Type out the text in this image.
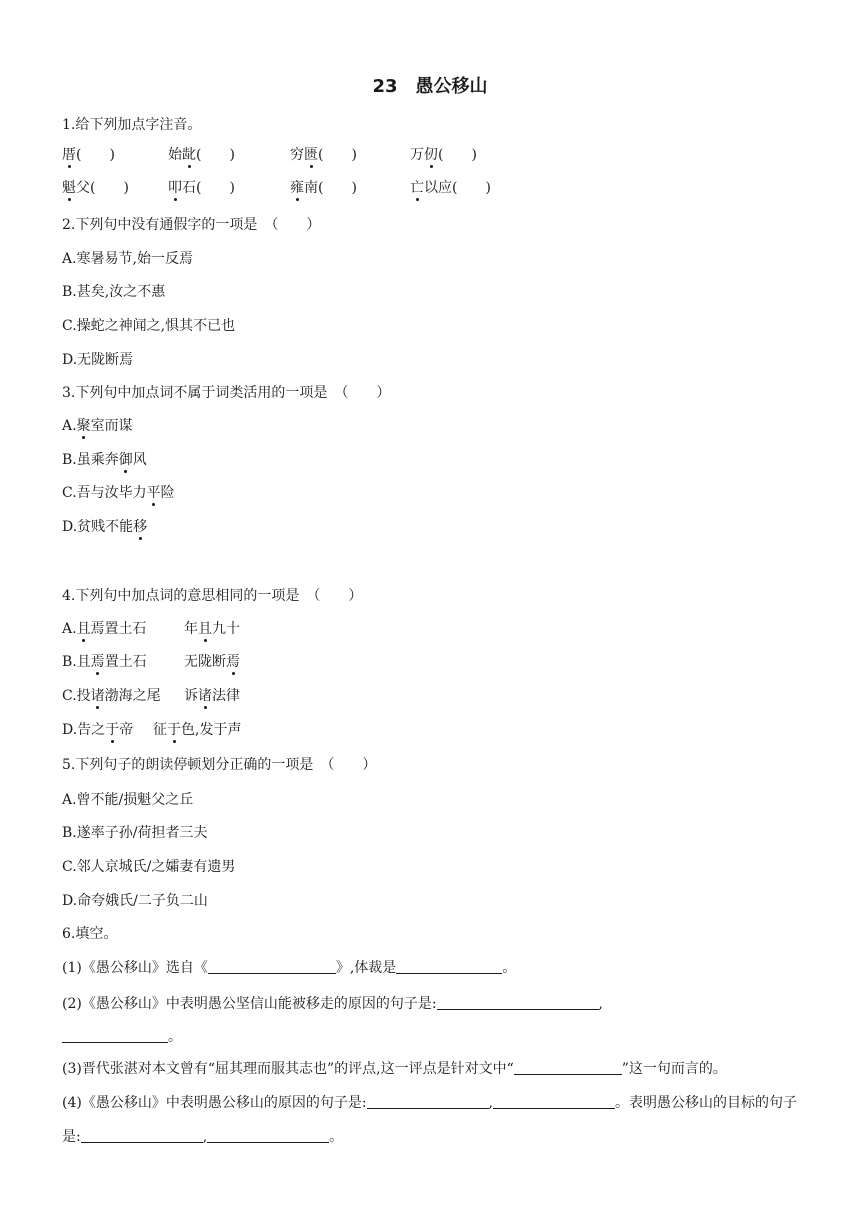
23　愚公移山
1.给下列加点字注音。
厝(　　)	始龀(　　)	穷匮(　　)	万仞(　　)
魁父(　　)	叩石(　　)	雍南(　　)	亡以应(　　)
2.下列句中没有通假字的一项是　（　　）
A.寒暑易节,始一反焉
B.甚矣,汝之不惠
C.操蛇之神闻之,惧其不已也
D.无陇断焉
3.下列句中加点词不属于词类活用的一项是　（　　）
A.聚室而谋
B.虽乘奔御风
C.吾与汝毕力平险
D.贫贱不能移
4.下列句中加点词的意思相同的一项是　（　　）
A.且焉置土石	年且九十
B.且焉置土石	无陇断焉
C.投诸渤海之尾 诉诸法律
D.告之于帝 征于色,发于声
5.下列句子的朗读停顿划分正确的一项是　（　　）
A.曾不能/损魁父之丘
B.遂率子孙/荷担者三夫
C.邻人京城氏/之孀妻有遗男
D.命夸娥氏/二子负二山
6.填空。
(1)《愚公移山》选自《	》,体裁是	。
(2)《愚公移山》中表明愚公坚信山能被移走的原因的句子是:	,
。
(3)晋代张湛对本文曾有“屈其理而服其志也”的评点,这一评点是针对文中“	”这一句而言的。
(4)《愚公移山》中表明愚公移山的原因的句子是:	,	。表明愚公移山的目标的句子是:	,	。
